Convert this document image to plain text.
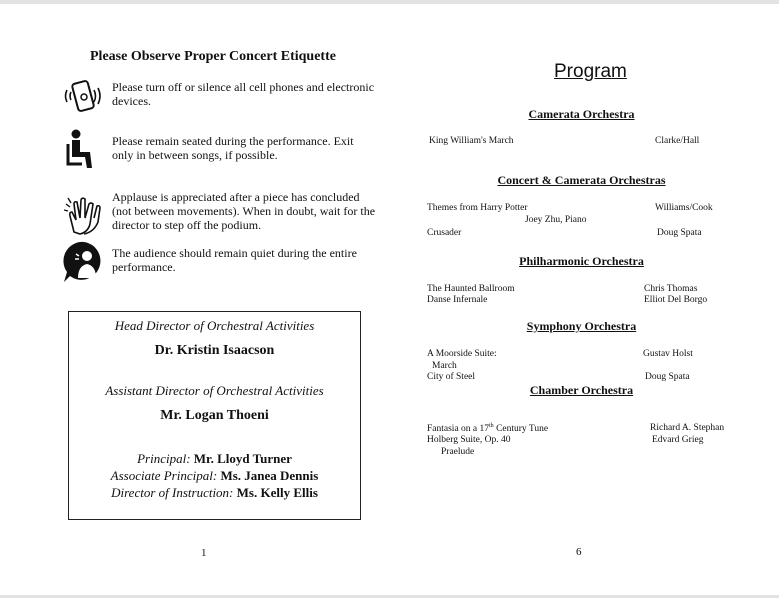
Please Observe Proper Concert Etiquette
Please turn off or silence all cell phones and electronic devices.
Please remain seated during the performance. Exit only in between songs, if possible.
Applause is appreciated after a piece has concluded (not between movements). When in doubt, wait for the director to step off the podium.
The audience should remain quiet during the entire performance.
Head Director of Orchestral Activities
Dr. Kristin Isaacson
Assistant Director of Orchestral Activities
Mr. Logan Thoeni
Principal: Mr. Lloyd Turner
Associate Principal: Ms. Janea Dennis
Director of Instruction: Ms. Kelly Ellis
1
Program
Camerata Orchestra
King William's March	Clarke/Hall
Concert & Camerata Orchestras
Themes from Harry Potter	Williams/Cook
Joey Zhu, Piano
Crusader	Doug Spata
Philharmonic Orchestra
The Haunted Ballroom	Chris Thomas
Danse Infernale	Elliot Del Borgo
Symphony Orchestra
A Moorside Suite:	Gustav Holst
March
City of Steel	Doug Spata
Chamber Orchestra
Fantasia on a 17th Century Tune	Richard A. Stephan
Holberg Suite, Op. 40	Edvard Grieg
Praelude
6
